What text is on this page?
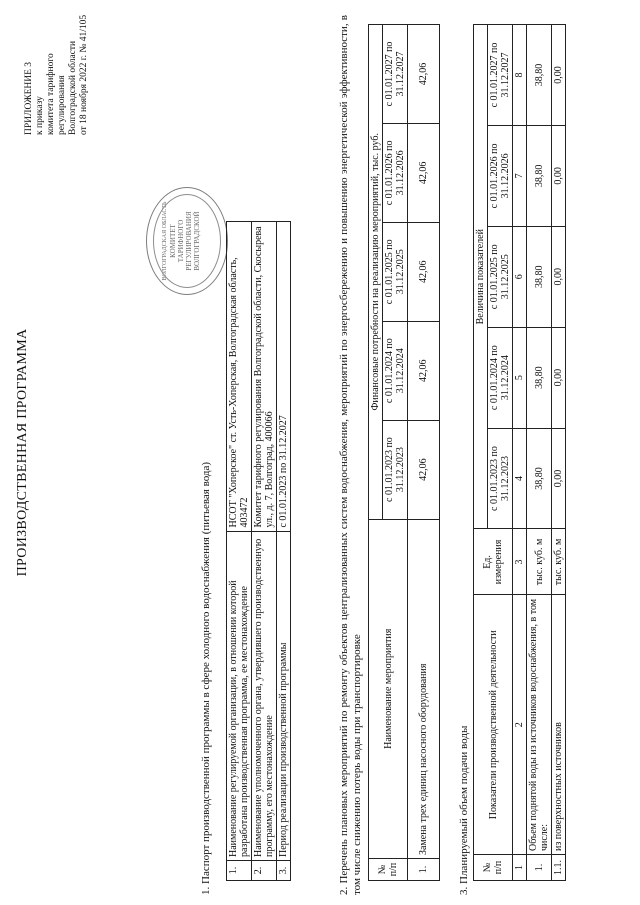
ВОЛГОГРАДСКАЯ ОБЛАСТЬ КОМИТЕТ ТАРИФНОГО РЕГУЛИРОВАНИЯ ВОЛГОГРАДСКОЙ
ПРИЛОЖЕНИЕ 3 к приказу комитета тарифного регулирования Волгоградской области от 18 ноября 2022 г. № 41/105
ПРОИЗВОДСТВЕННАЯ ПРОГРАММА
1. Паспорт производственной программы в сфере холодного водоснабжения (питьевая вода) 1.	Наименование регулируемой организации, в отношении которой разработана производственная программа, ее местонахождение	НСОТ "Хоперское" ст. Усть-Хоперская, Волгоградская область, 403472
2.	Наименование уполномоченного органа, утвердившего производственную программу, его местонахождение	Комитет тарифного регулирования Волгоградской области, Скосырева ул., д. 7, Волгоград, 400066
3.	Период реализации производственной программы	с 01.01.2023 по 31.12.2027	2. Перечень плановых мероприятий по ремонту объектов централизованных систем водоснабжения, мероприятий по энергосбережению и повышению энергетической эффективности, в том числе снижению потерь воды при транспортировке № п/п	Наименование мероприятия	Финансовые потребности на реализацию мероприятий, тыс. руб.				
		с 01.01.2023 по 31.12.2023	с 01.01.2024 по 31.12.2024	с 01.01.2025 по 31.12.2025	с 01.01.2026 по 31.12.2026	с 01.01.2027 по 31.12.2027
1.	Замена трех единиц насосного оборудования	42,06	42,06	42,06	42,06	42,06
3. Планируемый объем подачи воды № п/п	Показатели производственной деятельности	Ед. измерения	Величина показателей				
			с 01.01.2023 по 31.12.2023	с 01.01.2024 по 31.12.2024	с 01.01.2025 по 31.12.2025	с 01.01.2026 по 31.12.2026	с 01.01.2027 по 31.12.2027
1	2	3	4	5	6	7	8
1.	Объем поднятой воды из источников водоснабжения, в том числе:	тыс. куб. м	38,80	38,80	38,80	38,80	38,80
1.1.	из поверхностных источников	тыс. куб. м	0,00	0,00	0,00	0,00	0,00
